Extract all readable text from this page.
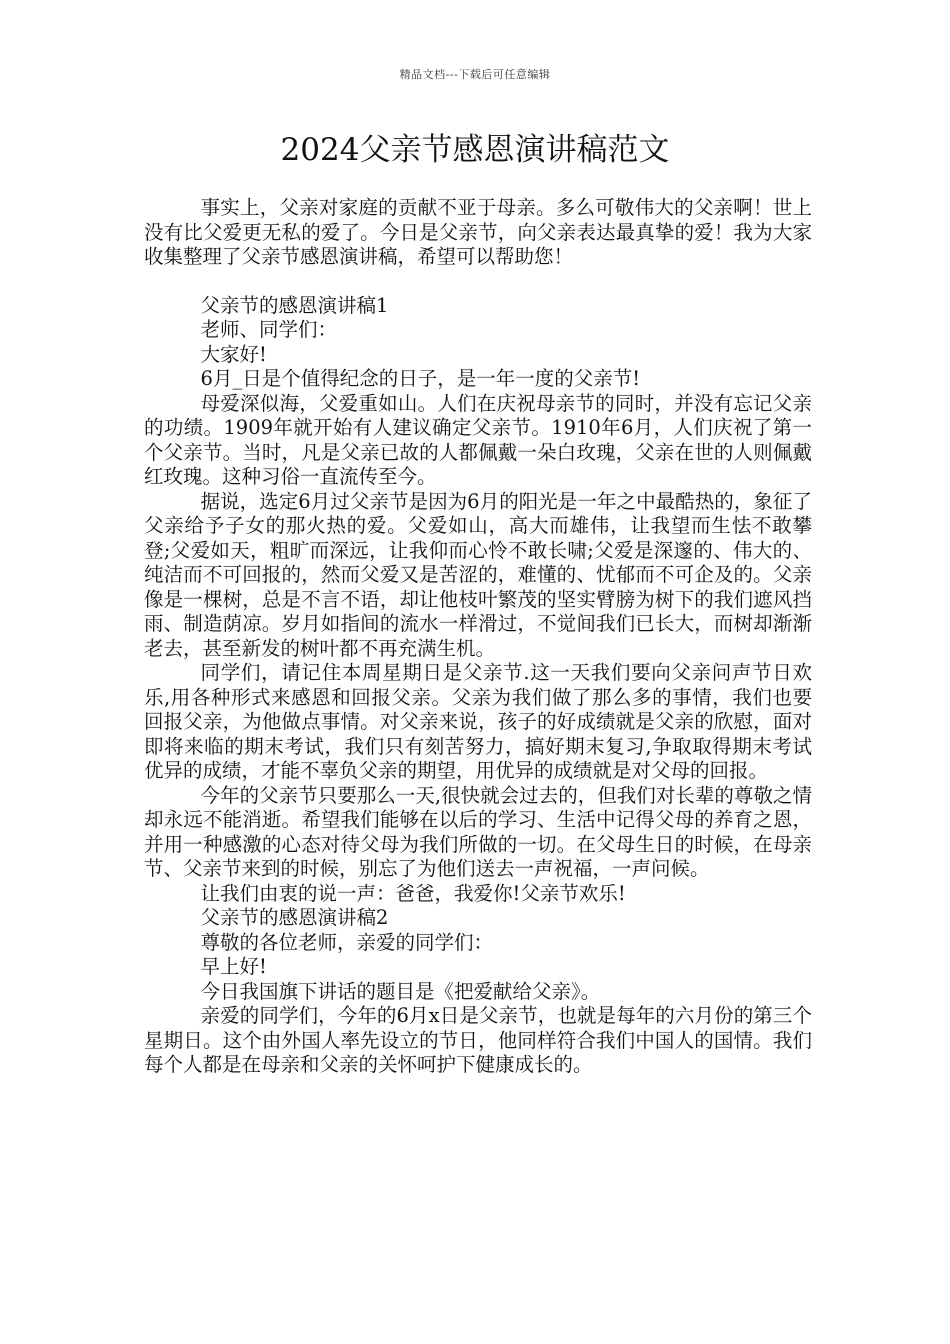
精品文档---下载后可任意编辑
2024父亲节感恩演讲稿范文

事实上，父亲对家庭的贡献不亚于母亲。多么可敬伟大的父亲啊！世上没有比父爱更无私的爱了。今日是父亲节，向父亲表达最真挚的爱！我为大家收集整理了父亲节感恩演讲稿，希望可以帮助您！

父亲节的感恩演讲稿1

老师、同学们：

大家好!

6月_日是个值得纪念的日子，是一年一度的父亲节!

母爱深似海，父爱重如山。人们在庆祝母亲节的同时，并没有忘记父亲的功绩。1909年就开始有人建议确定父亲节。1910年6月，人们庆祝了第一个父亲节。当时，凡是父亲已故的人都佩戴一朵白玫瑰，父亲在世的人则佩戴红玫瑰。这种习俗一直流传至今。

据说，选定6月过父亲节是因为6月的阳光是一年之中最酷热的，象征了父亲给予子女的那火热的爱。父爱如山，高大而雄伟，让我望而生怯不敢攀登;父爱如天，粗旷而深远，让我仰而心怜不敢长啸;父爱是深邃的、伟大的、纯洁而不可回报的，然而父爱又是苦涩的，难懂的、忧郁而不可企及的。父亲像是一棵树，总是不言不语，却让他枝叶繁茂的坚实臂膀为树下的我们遮风挡雨、制造荫凉。岁月如指间的流水一样滑过，不觉间我们已长大，而树却渐渐老去，甚至新发的树叶都不再充满生机。

同学们，请记住本周星期日是父亲节.这一天我们要向父亲问声节日欢乐,用各种形式来感恩和回报父亲。父亲为我们做了那么多的事情，我们也要回报父亲，为他做点事情。对父亲来说，孩子的好成绩就是父亲的欣慰，面对即将来临的期末考试，我们只有刻苦努力，搞好期末复习,争取取得期末考试优异的成绩，才能不辜负父亲的期望，用优异的成绩就是对父母的回报。

今年的父亲节只要那么一天,很快就会过去的，但我们对长辈的尊敬之情却永远不能消逝。希望我们能够在以后的学习、生活中记得父母的养育之恩，并用一种感激的心态对待父母为我们所做的一切。在父母生日的时候，在母亲节、父亲节来到的时候，别忘了为他们送去一声祝福，一声问候。

让我们由衷的说一声：爸爸，我爱你!父亲节欢乐!

父亲节的感恩演讲稿2

尊敬的各位老师，亲爱的同学们：

早上好!

今日我国旗下讲话的题目是《把爱献给父亲》。

亲爱的同学们，今年的6月x日是父亲节，也就是每年的六月份的第三个星期日。这个由外国人率先设立的节日，他同样符合我们中国人的国情。我们每个人都是在母亲和父亲的关怀呵护下健康成长的。
